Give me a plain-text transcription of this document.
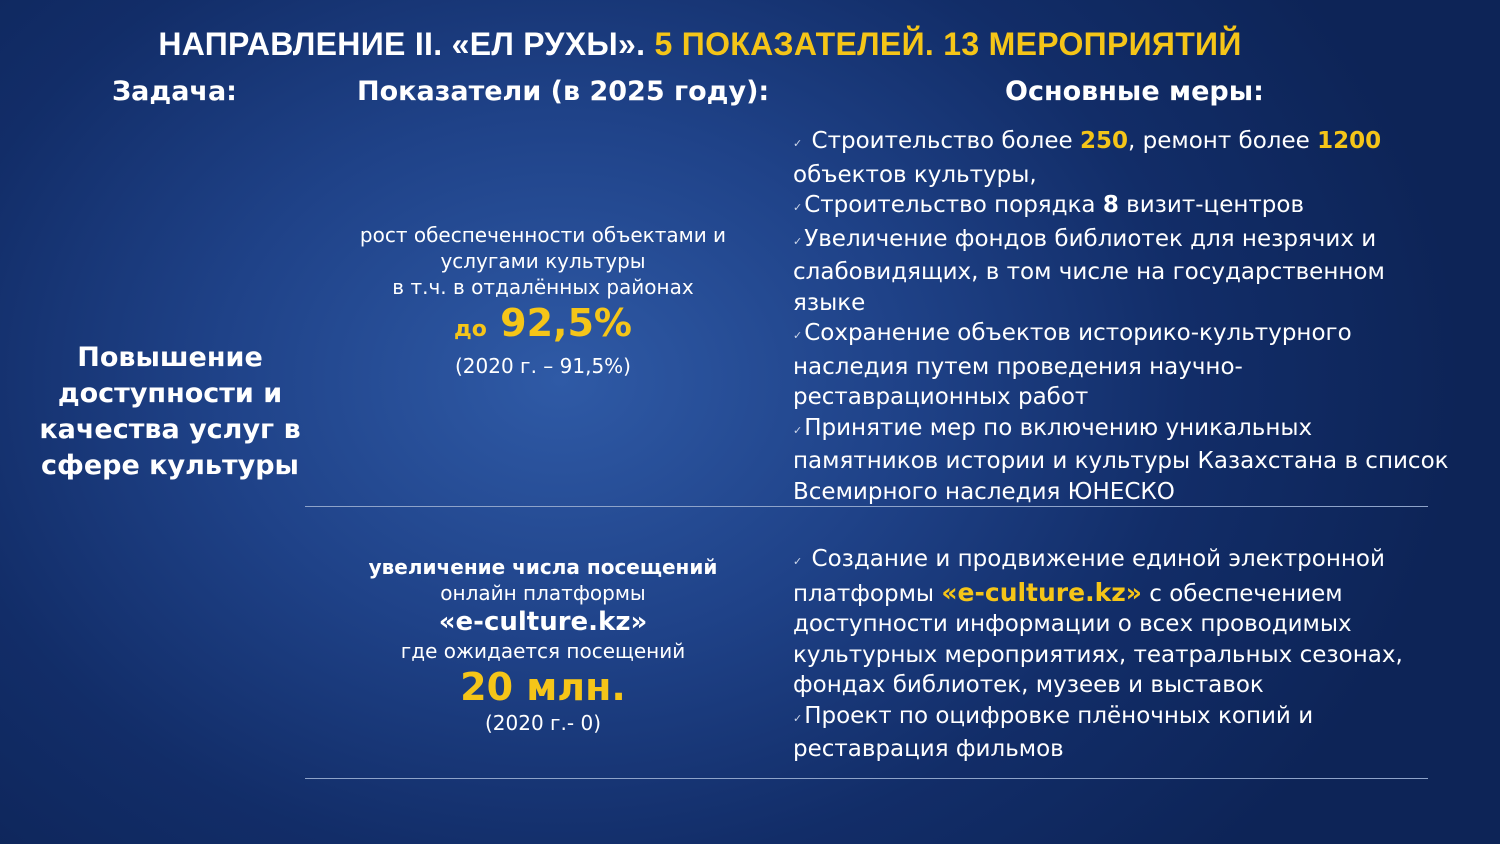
НАПРАВЛЕНИЕ II. «ЕЛ РУХЫ». 5 ПОКАЗАТЕЛЕЙ. 13 МЕРОПРИЯТИЙ
Задача:	Показатели (в 2025 году):	Основные меры:
Повышение доступности и качества услуг в сфере культуры
рост обеспеченности объектами и
услугами культуры
в т.ч. в отдалённых районах
до 92,5%
(2020 г. – 91,5%)
увеличение числа посещений
онлайн платформы
«e-culture.kz»
где ожидается посещений
20 млн.
(2020 г.- 0)
✓ Строительство более 250, ремонт более 1200
объектов культуры,
✓Строительство порядка 8 визит-центров
✓Увеличение фондов библиотек для незрячих и
слабовидящих, в том числе на государственном
языке
✓Сохранение объектов историко-культурного
наследия путем проведения научно-
реставрационных работ
✓Принятие мер по включению уникальных
памятников истории и культуры Казахстана в список
Всемирного наследия ЮНЕСКО
✓ Создание и продвижение единой электронной
платформы «e-culture.kz» с обеспечением
доступности информации о всех проводимых
культурных мероприятиях, театральных сезонах,
фондах библиотек, музеев и выставок
✓Проект по оцифровке плёночных копий и
реставрация фильмов
